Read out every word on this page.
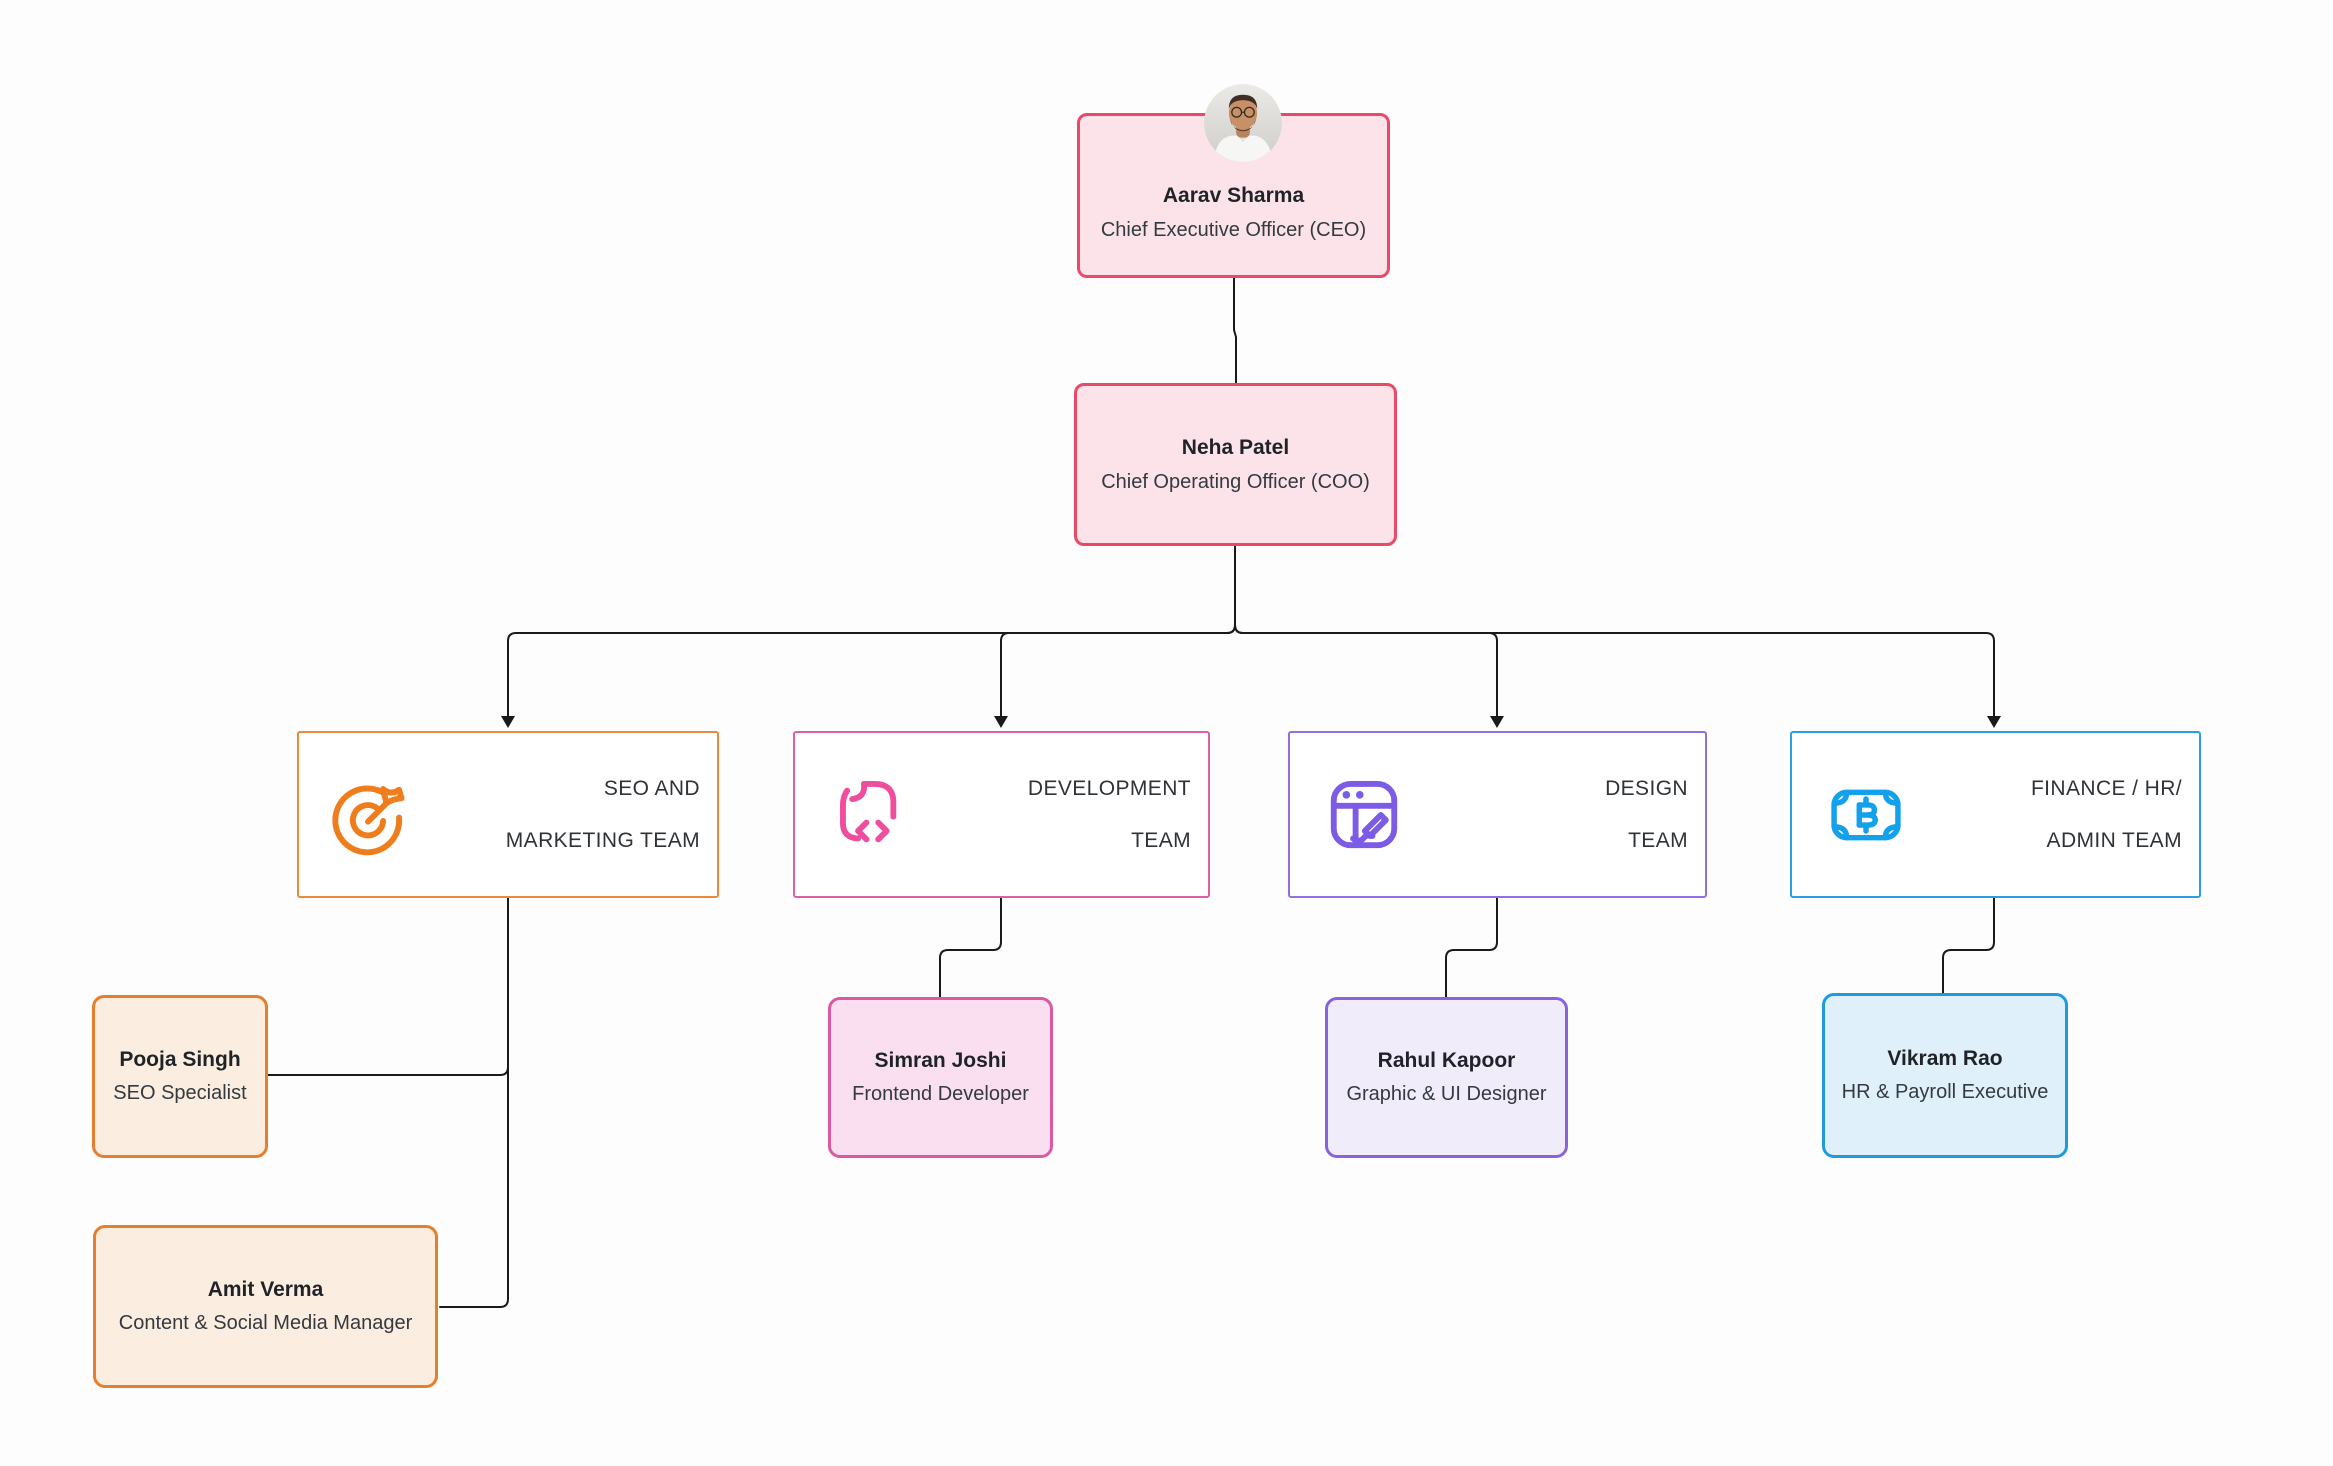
Aarav Sharma
Chief Executive Officer (CEO)
Neha Patel
Chief Operating Officer (COO)
SEO AND
MARKETING TEAM
DEVELOPMENT
TEAM
DESIGN
TEAM
FINANCE / HR/
ADMIN TEAM
Pooja Singh
SEO Specialist
Amit Verma
Content & Social Media Manager
Simran Joshi
Frontend Developer
Rahul Kapoor
Graphic & UI Designer
Vikram Rao
HR & Payroll Executive
